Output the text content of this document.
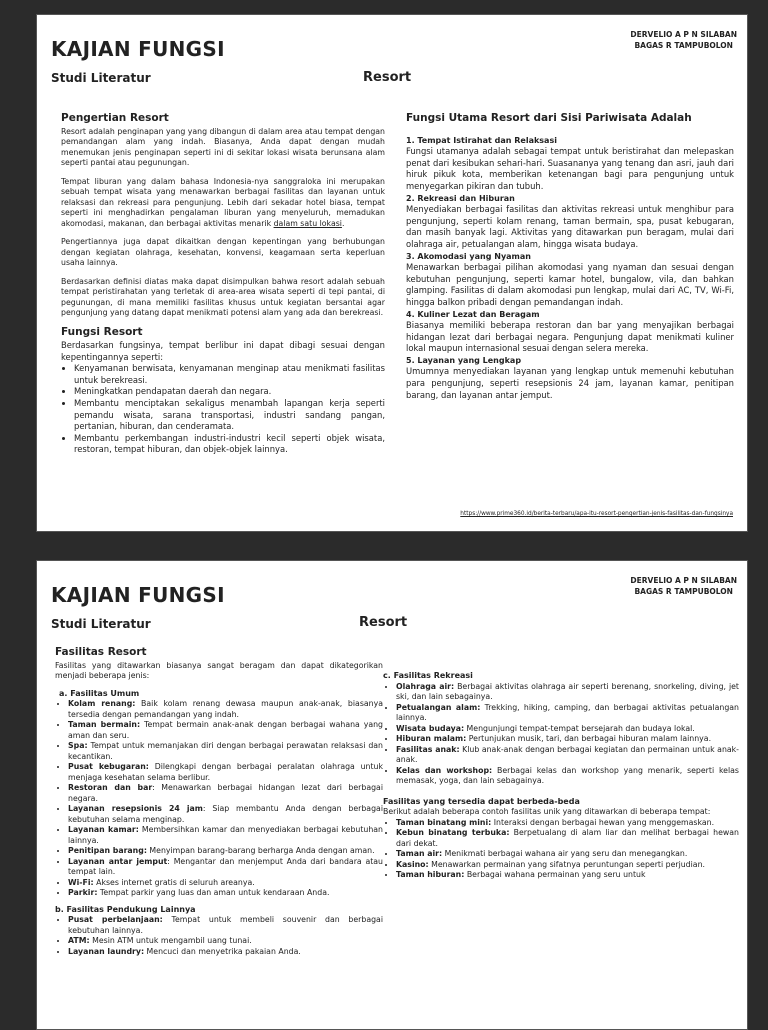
KAJIAN FUNGSI
DERVELIO A P N SILABAN
BAGAS R TAMPUBOLON
Studi Literatur	Resort
Pengertian Resort

Resort adalah penginapan yang yang dibangun di dalam area atau tempat dengan pemandangan alam yang indah. Biasanya, Anda dapat dengan mudah menemukan jenis penginapan seperti ini di sekitar lokasi wisata berunsana alam seperti pantai atau pegunungan.

Tempat liburan yang dalam bahasa Indonesia-nya sanggraloka ini merupakan sebuah tempat wisata yang menawarkan berbagai fasilitas dan layanan untuk relaksasi dan rekreasi para pengunjung. Lebih dari sekadar hotel biasa, tempat seperti ini menghadirkan pengalaman liburan yang menyeluruh, memadukan akomodasi, makanan, dan berbagai aktivitas menarik dalam satu lokasi.

Pengertiannya juga dapat dikaitkan dengan kepentingan yang berhubungan dengan kegiatan olahraga, kesehatan, konvensi, keagamaan serta keperluan usaha lainnya.

Berdasarkan definisi diatas maka dapat disimpulkan bahwa resort adalah sebuah tempat peristirahatan yang terletak di area-area wisata seperti di tepi pantai, di pegunungan, di mana memiliki fasilitas khusus untuk kegiatan bersantai agar pengunjung yang datang dapat menikmati potensi alam yang ada dan berekreasi.

Fungsi Resort
Berdasarkan fungsinya, tempat berlibur ini dapat dibagi sesuai dengan kepentingannya seperti:
• Kenyamanan berwisata, kenyamanan menginap atau menikmati fasilitas untuk berekreasi.
• Meningkatkan pendapatan daerah dan negara.
• Membantu menciptakan sekaligus menambah lapangan kerja seperti pemandu wisata, sarana transportasi, industri sandang pangan, pertanian, hiburan, dan cenderamata.
• Membantu perkembangan industri-industri kecil seperti objek wisata, restoran, tempat hiburan, dan objek-objek lainnya.
Fungsi Utama Resort dari Sisi Pariwisata Adalah
1. Tempat Istirahat dan Relaksasi
Fungsi utamanya adalah sebagai tempat untuk beristirahat dan melepaskan penat dari kesibukan sehari-hari. Suasananya yang tenang dan asri, jauh dari hiruk pikuk kota, memberikan ketenangan bagi para pengunjung untuk menyegarkan pikiran dan tubuh.
2. Rekreasi dan Hiburan
Menyediakan berbagai fasilitas dan aktivitas rekreasi untuk menghibur para pengunjung, seperti kolam renang, taman bermain, spa, pusat kebugaran, dan masih banyak lagi. Aktivitas yang ditawarkan pun beragam, mulai dari olahraga air, petualangan alam, hingga wisata budaya.
3. Akomodasi yang Nyaman
Menawarkan berbagai pilihan akomodasi yang nyaman dan sesuai dengan kebutuhan pengunjung, seperti kamar hotel, bungalow, vila, dan bahkan glamping. Fasilitas di dalam akomodasi pun lengkap, mulai dari AC, TV, Wi-Fi, hingga balkon pribadi dengan pemandangan indah.
4. Kuliner Lezat dan Beragam
Biasanya memiliki beberapa restoran dan bar yang menyajikan berbagai hidangan lezat dari berbagai negara. Pengunjung dapat menikmati kuliner lokal maupun internasional sesuai dengan selera mereka.
5. Layanan yang Lengkap
Umumnya menyediakan layanan yang lengkap untuk memenuhi kebutuhan para pengunjung, seperti resepsionis 24 jam, layanan kamar, penitipan barang, dan layanan antar jemput.
https://www.prime360.id/berita-terbaru/apa-itu-resort-pengertian-jenis-fasilitas-dan-fungsinya
KAJIAN FUNGSI
DERVELIO A P N SILABAN
BAGAS R TAMPUBOLON
Studi Literatur	Resort
Fasilitas Resort
Fasilitas yang ditawarkan biasanya sangat beragam dan dapat dikategorikan menjadi beberapa jenis:
a. Fasilitas Umum
• Kolam renang: Baik kolam renang dewasa maupun anak-anak, biasanya tersedia dengan pemandangan yang indah.
• Taman bermain: Tempat bermain anak-anak dengan berbagai wahana yang aman dan seru.
• Spa: Tempat untuk memanjakan diri dengan berbagai perawatan relaksasi dan kecantikan.
• Pusat kebugaran: Dilengkapi dengan berbagai peralatan olahraga untuk menjaga kesehatan selama berlibur.
• Restoran dan bar: Menawarkan berbagai hidangan lezat dari berbagai negara.
• Layanan resepsionis 24 jam: Siap membantu Anda dengan berbagai kebutuhan selama menginap.
• Layanan kamar: Membersihkan kamar dan menyediakan berbagai kebutuhan lainnya.
• Penitipan barang: Menyimpan barang-barang berharga Anda dengan aman.
• Layanan antar jemput: Mengantar dan menjemput Anda dari bandara atau tempat lain.
• Wi-Fi: Akses internet gratis di seluruh areanya.
• Parkir: Tempat parkir yang luas dan aman untuk kendaraan Anda.
b. Fasilitas Pendukung Lainnya
• Pusat perbelanjaan: Tempat untuk membeli souvenir dan berbagai kebutuhan lainnya.
• ATM: Mesin ATM untuk mengambil uang tunai.
• Layanan laundry: Mencuci dan menyetrika pakaian Anda.
c. Fasilitas Rekreasi
• Olahraga air: Berbagai aktivitas olahraga air seperti berenang, snorkeling, diving, jet ski, dan lain sebagainya.
• Petualangan alam: Trekking, hiking, camping, dan berbagai aktivitas petualangan lainnya.
• Wisata budaya: Mengunjungi tempat-tempat bersejarah dan budaya lokal.
• Hiburan malam: Pertunjukan musik, tari, dan berbagai hiburan malam lainnya.
• Fasilitas anak: Klub anak-anak dengan berbagai kegiatan dan permainan untuk anak-anak.
• Kelas dan workshop: Berbagai kelas dan workshop yang menarik, seperti kelas memasak, yoga, dan lain sebagainya.
Fasilitas yang tersedia dapat berbeda-beda
Berikut adalah beberapa contoh fasilitas unik yang ditawarkan di beberapa tempat:
• Taman binatang mini: Interaksi dengan berbagai hewan yang menggemaskan.
• Kebun binatang terbuka: Berpetualang di alam liar dan melihat berbagai hewan dari dekat.
• Taman air: Menikmati berbagai wahana air yang seru dan menegangkan.
• Kasino: Menawarkan permainan yang sifatnya peruntungan seperti perjudian.
• Taman hiburan: Berbagai wahana permainan yang seru untuk
